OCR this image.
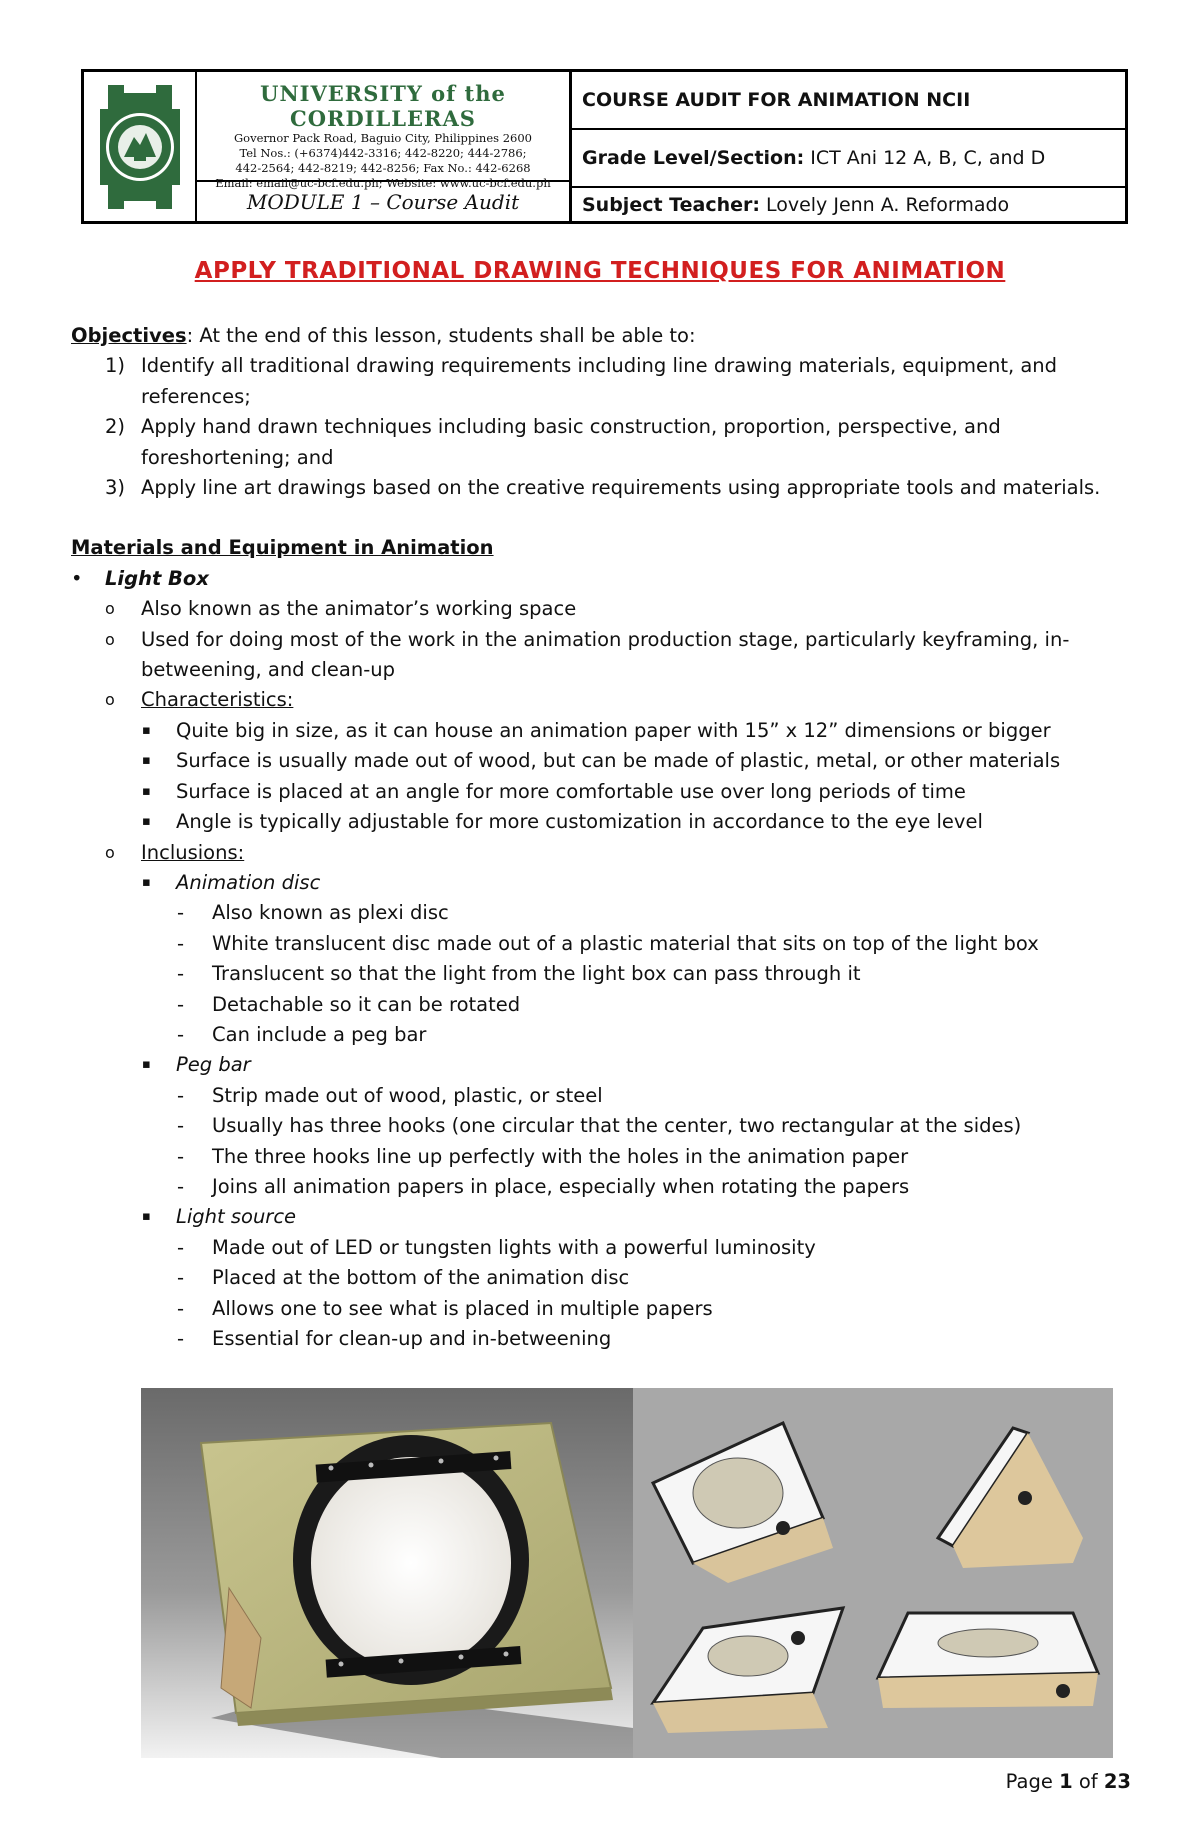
UNIVERSITY of the CORDILLERAS
Governor Pack Road, Baguio City, Philippines 2600
Tel Nos.: (+6374)442-3316; 442-8220; 444-2786;
442-2564; 442-8219; 442-8256; Fax No.: 442-6268
Email: email@uc-bcf.edu.ph; Website: www.uc-bcf.edu.ph
MODULE 1 – Course Audit
COURSE AUDIT FOR ANIMATION NCII
Grade Level/Section: ICT Ani 12 A, B, C, and D
Subject Teacher: Lovely Jenn A. Reformado
APPLY TRADITIONAL DRAWING TECHNIQUES FOR ANIMATION

Objectives: At the end of this lesson, students shall be able to:

1) Identify all traditional drawing requirements including line drawing materials, equipment, and references;
2) Apply hand drawn techniques including basic construction, proportion, perspective, and foreshortening; and
3) Apply line art drawings based on the creative requirements using appropriate tools and materials.

Materials and Equipment in Animation

• Light Box
o Also known as the animator’s working space
o Used for doing most of the work in the animation production stage, particularly keyframing, in-betweening, and clean-up
o Characteristics:
▪ Quite big in size, as it can house an animation paper with 15” x 12” dimensions or bigger
▪ Surface is usually made out of wood, but can be made of plastic, metal, or other materials
▪ Surface is placed at an angle for more comfortable use over long periods of time
▪ Angle is typically adjustable for more customization in accordance to the eye level
o Inclusions:
▪ Animation disc
- Also known as plexi disc
- White translucent disc made out of a plastic material that sits on top of the light box
- Translucent so that the light from the light box can pass through it
- Detachable so it can be rotated
- Can include a peg bar
▪ Peg bar
- Strip made out of wood, plastic, or steel
- Usually has three hooks (one circular that the center, two rectangular at the sides)
- The three hooks line up perfectly with the holes in the animation paper
- Joins all animation papers in place, especially when rotating the papers
▪ Light source
- Made out of LED or tungsten lights with a powerful luminosity
- Placed at the bottom of the animation disc
- Allows one to see what is placed in multiple papers
- Essential for clean-up and in-betweening
Page 1 of 23
